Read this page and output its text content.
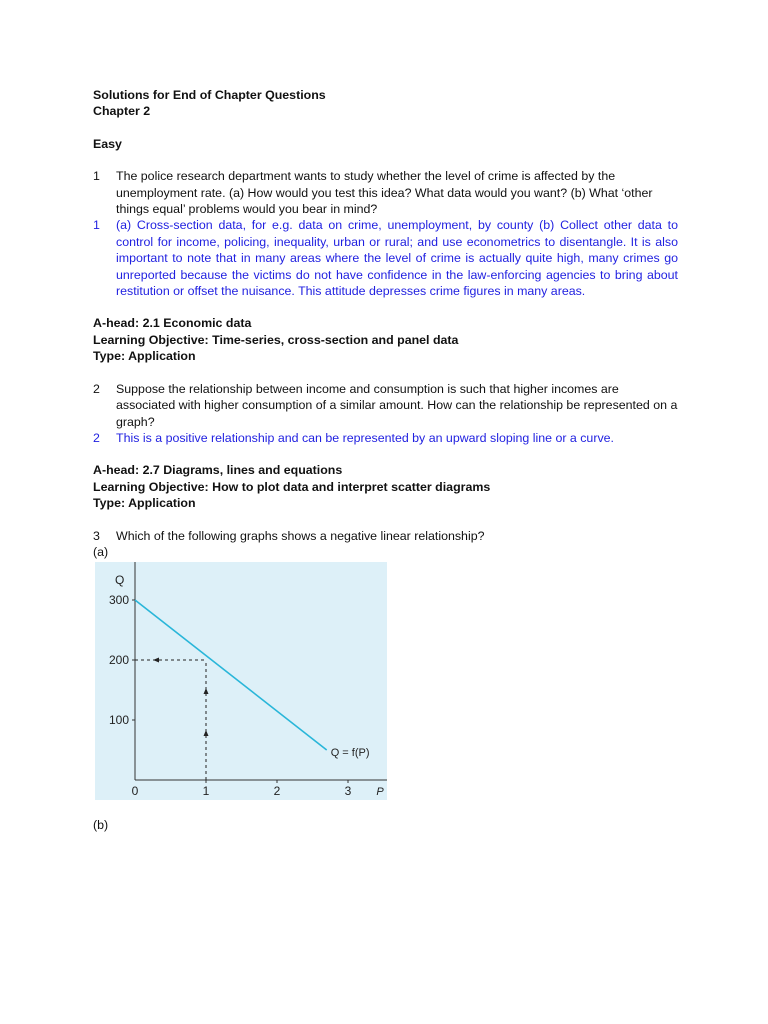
Solutions for End of Chapter Questions
Chapter 2
Easy
1	The police research department wants to study whether the level of crime is affected by the unemployment rate. (a) How would you test this idea? What data would you want? (b) What ‘other things equal’ problems would you bear in mind?
1	(a) Cross-section data, for e.g. data on crime, unemployment, by county (b) Collect other data to control for income, policing, inequality, urban or rural; and use econometrics to disentangle. It is also important to note that in many areas where the level of crime is actually quite high, many crimes go unreported because the victims do not have confidence in the law-enforcing agencies to bring about restitution or offset the nuisance. This attitude depresses crime figures in many areas.
A-head: 2.1 Economic data
Learning Objective: Time-series, cross-section and panel data
Type: Application
2	Suppose the relationship between income and consumption is such that higher incomes are associated with higher consumption of a similar amount. How can the relationship be represented on a graph?
2	This is a positive relationship and can be represented by an upward sloping line or a curve.
A-head: 2.7 Diagrams, lines and equations
Learning Objective: How to plot data and interpret scatter diagrams
Type: Application
3	Which of the following graphs shows a negative linear relationship?
(a)
100
200
300
0	1	2	3
Q
P
Q = f(P)
(b)
